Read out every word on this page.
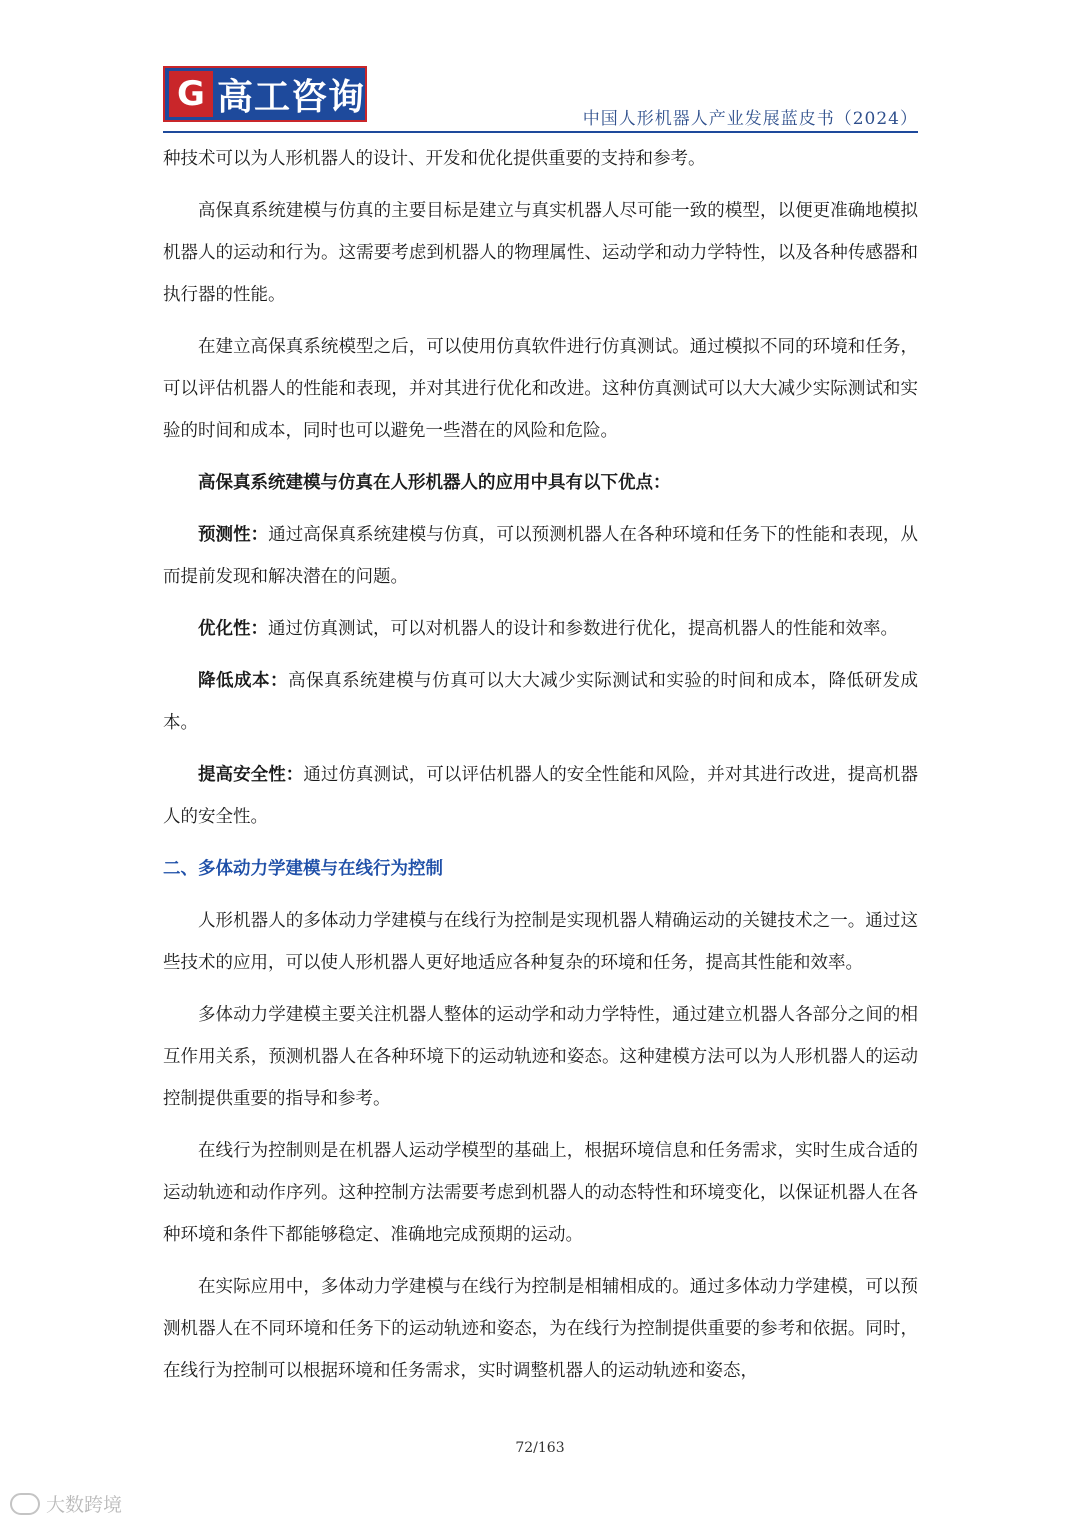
G 高工咨询
中国人形机器人产业发展蓝皮书（2024）

种技术可以为人形机器人的设计、开发和优化提供重要的支持和参考。

高保真系统建模与仿真的主要目标是建立与真实机器人尽可能一致的模型，以便更准确地模拟机器人的运动和行为。这需要考虑到机器人的物理属性、运动学和动力学特性，以及各种传感器和执行器的性能。

在建立高保真系统模型之后，可以使用仿真软件进行仿真测试。通过模拟不同的环境和任务，可以评估机器人的性能和表现，并对其进行优化和改进。这种仿真测试可以大大减少实际测试和实验的时间和成本，同时也可以避免一些潜在的风险和危险。

高保真系统建模与仿真在人形机器人的应用中具有以下优点：

预测性：通过高保真系统建模与仿真，可以预测机器人在各种环境和任务下的性能和表现，从而提前发现和解决潜在的问题。

优化性：通过仿真测试，可以对机器人的设计和参数进行优化，提高机器人的性能和效率。

降低成本：高保真系统建模与仿真可以大大减少实际测试和实验的时间和成本，降低研发成本。

提高安全性：通过仿真测试，可以评估机器人的安全性能和风险，并对其进行改进，提高机器人的安全性。

二、多体动力学建模与在线行为控制

人形机器人的多体动力学建模与在线行为控制是实现机器人精确运动的关键技术之一。通过这些技术的应用，可以使人形机器人更好地适应各种复杂的环境和任务，提高其性能和效率。

多体动力学建模主要关注机器人整体的运动学和动力学特性，通过建立机器人各部分之间的相互作用关系，预测机器人在各种环境下的运动轨迹和姿态。这种建模方法可以为人形机器人的运动控制提供重要的指导和参考。

在线行为控制则是在机器人运动学模型的基础上，根据环境信息和任务需求，实时生成合适的运动轨迹和动作序列。这种控制方法需要考虑到机器人的动态特性和环境变化，以保证机器人在各种环境和条件下都能够稳定、准确地完成预期的运动。

在实际应用中，多体动力学建模与在线行为控制是相辅相成的。通过多体动力学建模，可以预测机器人在不同环境和任务下的运动轨迹和姿态，为在线行为控制提供重要的参考和依据。同时，在线行为控制可以根据环境和任务需求，实时调整机器人的运动轨迹和姿态，

72/163
大数跨境
